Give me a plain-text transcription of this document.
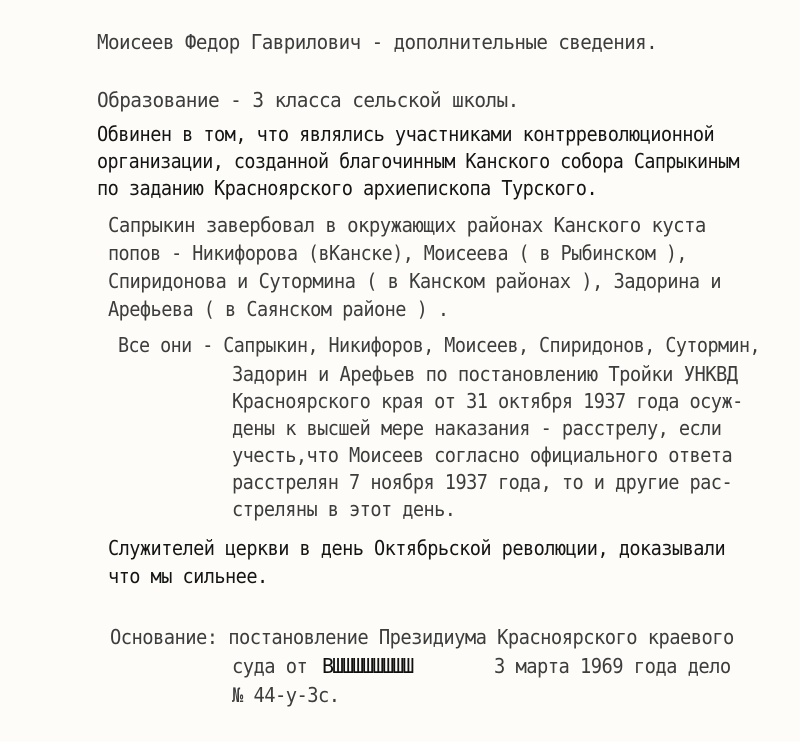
Моисеев Федор Гаврилович - дополнительные сведения.
Образование - 3 класса сельской школы.
Обвинен в том, что являлись участниками контрреволюционной
организации, созданной благочинным Канского собора Сапрыкиным
по заданию Красноярского архиепископа Турского.
Сапрыкин завербовал в окружающих районах Канского куста
попов - Никифорова (вКанске), Моисеева ( в Рыбинском ),
Спиридонова и Сутормина ( в Канском районах ), Задорина и
Арефьева ( в Саянском районе ) .
Все они - Сапрыкин, Никифоров, Моисеев, Спиридонов, Сутормин,
Задорин и Арефьев по постановлению Тройки УНКВД
Красноярского края от 31 октября 1937 года осуж-
дены к высшей мере наказания - расстрелу, если
учесть,что Моисеев согласно официального ответа
расстрелян 7 ноября 1937 года, то и другие рас-
стреляны в этот день.
Служителей церкви в день Октябрьской революции, доказывали
что мы сильнее.
Основание: постановление Президиума Красноярского краевого
суда от ВШШШШШШШШ	3 марта 1969 года дело
№ 44-у-3с.
